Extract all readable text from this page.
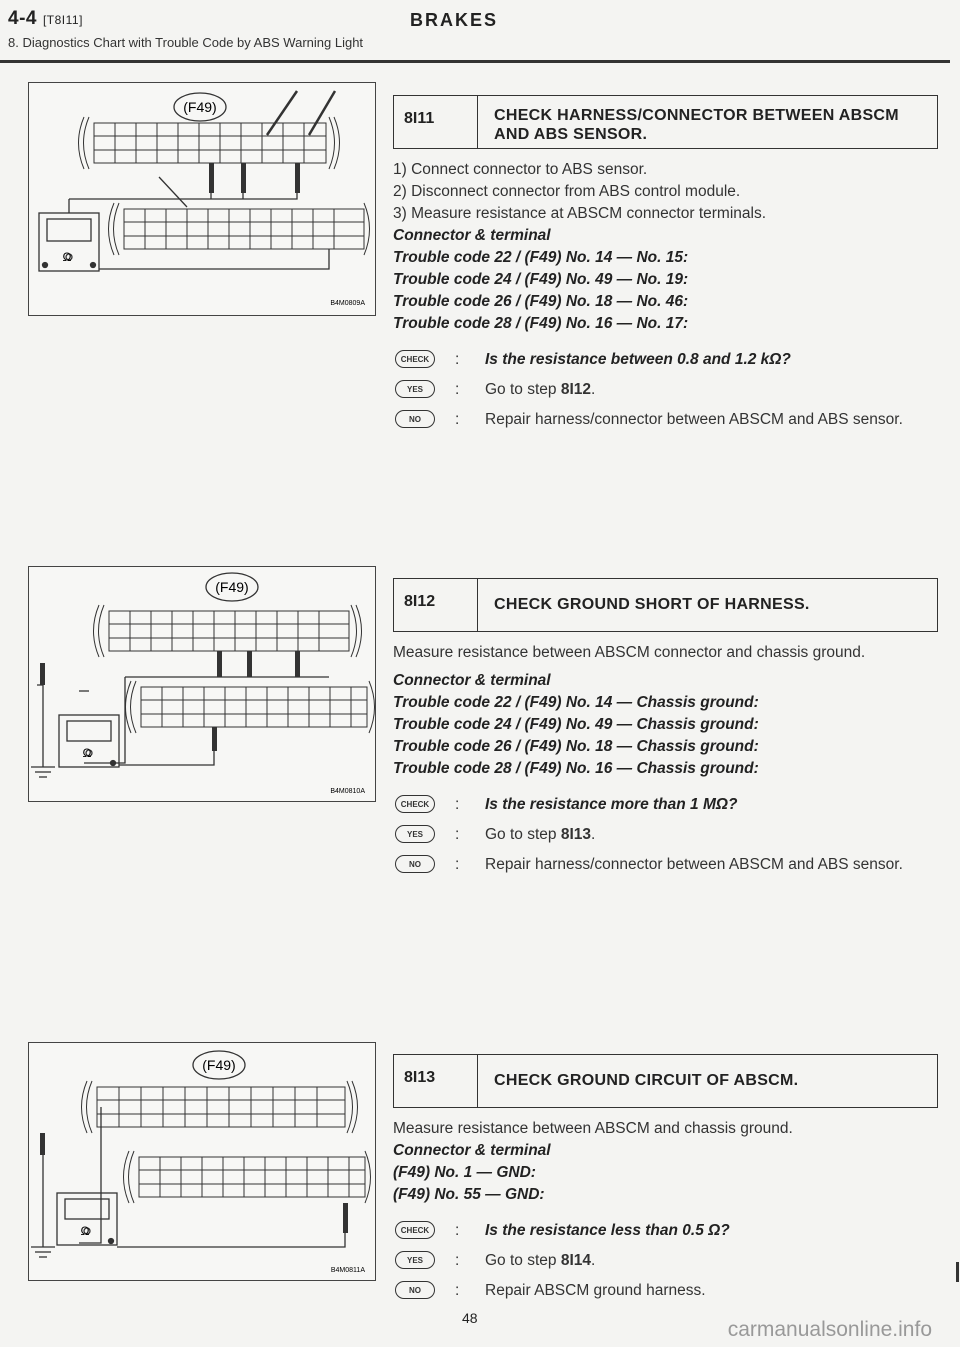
4-4 [T8I11]	BRAKES
8. Diagnostics Chart with Trouble Code by ABS Warning Light
(F49)
Ω
B4M0809A
8I11	CHECK HARNESS/CONNECTOR BETWEEN ABSCM AND ABS SENSOR.

1) Connect connector to ABS sensor.

2) Disconnect connector from ABS control module.

3) Measure resistance at ABSCM connector terminals.

Connector & terminal

Trouble code 22 / (F49) No. 14 — No. 15:

Trouble code 24 / (F49) No. 49 — No. 19:

Trouble code 26 / (F49) No. 18 — No. 46:

Trouble code 28 / (F49) No. 16 — No. 17:

CHECK	: Is the resistance between 0.8 and 1.2 kΩ?
YES	: Go to step 8I12.
NO	: Repair harness/connector between ABSCM and ABS sensor.
(F49)
Ω
B4M0810A
8I12	CHECK GROUND SHORT OF HARNESS.

Measure resistance between ABSCM connector and chassis ground.

Connector & terminal

Trouble code 22 / (F49) No. 14 — Chassis ground:

Trouble code 24 / (F49) No. 49 — Chassis ground:

Trouble code 26 / (F49) No. 18 — Chassis ground:

Trouble code 28 / (F49) No. 16 — Chassis ground:

CHECK	: Is the resistance more than 1 MΩ?
YES	: Go to step 8I13.
NO	: Repair harness/connector between ABSCM and ABS sensor.
(F49)
Ω
B4M0811A
8I13	CHECK GROUND CIRCUIT OF ABSCM.

Measure resistance between ABSCM and chassis ground.

Connector & terminal

(F49) No. 1 — GND:

(F49) No. 55 — GND:

CHECK	: Is the resistance less than 0.5 Ω?
YES	: Go to step 8I14.
NO	: Repair ABSCM ground harness.
48	carmanualsonline.info
